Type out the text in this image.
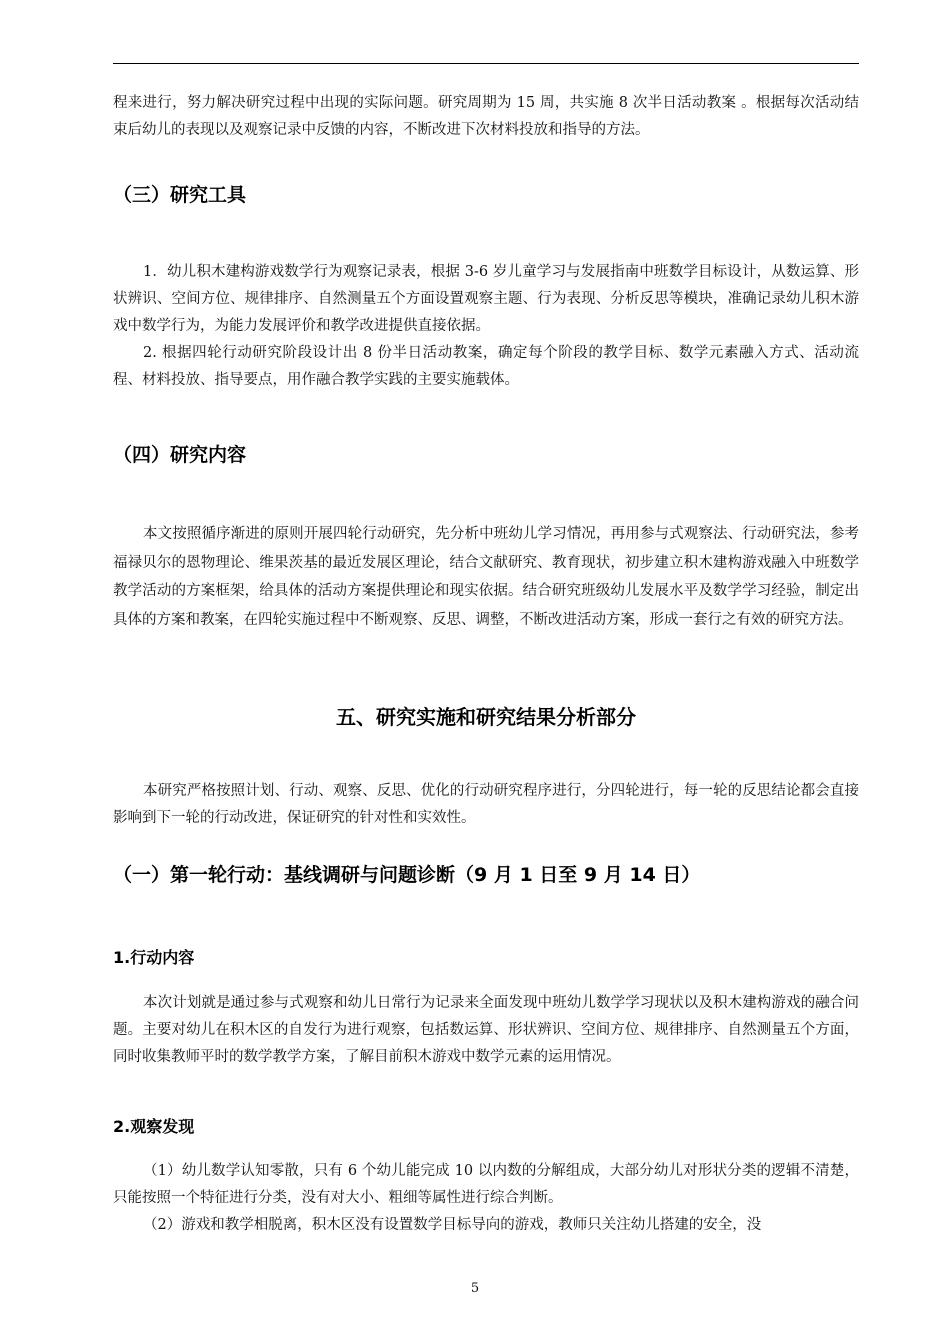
程来进行，努力解决研究过程中出现的实际问题。研究周期为 15 周，共实施 8 次半日活动教案 。根据每次活动结束后幼儿的表现以及观察记录中反馈的内容，不断改进下次材料投放和指导的方法。

（三）研究工具

1．幼儿积木建构游戏数学行为观察记录表，根据 3-6 岁儿童学习与发展指南中班数学目标设计，从数运算、形状辨识、空间方位、规律排序、自然测量五个方面设置观察主题、行为表现、分析反思等模块，准确记录幼儿积木游戏中数学行为，为能力发展评价和教学改进提供直接依据。

2. 根据四轮行动研究阶段设计出 8 份半日活动教案，确定每个阶段的教学目标、数学元素融入方式、活动流程、材料投放、指导要点，用作融合教学实践的主要实施载体。

（四）研究内容

本文按照循序渐进的原则开展四轮行动研究，先分析中班幼儿学习情况，再用参与式观察法、行动研究法，参考福禄贝尔的恩物理论、维果茨基的最近发展区理论，结合文献研究、教育现状，初步建立积木建构游戏融入中班数学教学活动的方案框架，给具体的活动方案提供理论和现实依据。结合研究班级幼儿发展水平及数学学习经验，制定出具体的方案和教案，在四轮实施过程中不断观察、反思、调整，不断改进活动方案，形成一套行之有效的研究方法。

五、研究实施和研究结果分析部分

本研究严格按照计划、行动、观察、反思、优化的行动研究程序进行，分四轮进行，每一轮的反思结论都会直接影响到下一轮的行动改进，保证研究的针对性和实效性。

（一）第一轮行动：基线调研与问题诊断（9 月 1 日至 9 月 14 日）
1.行动内容

本次计划就是通过参与式观察和幼儿日常行为记录来全面发现中班幼儿数学学习现状以及积木建构游戏的融合问题。主要对幼儿在积木区的自发行为进行观察，包括数运算、形状辨识、空间方位、规律排序、自然测量五个方面，同时收集教师平时的数学教学方案，了解目前积木游戏中数学元素的运用情况。

2.观察发现

（1）幼儿数学认知零散，只有 6 个幼儿能完成 10 以内数的分解组成，大部分幼儿对形状分类的逻辑不清楚，只能按照一个特征进行分类，没有对大小、粗细等属性进行综合判断。

（2）游戏和教学相脱离，积木区没有设置数学目标导向的游戏，教师只关注幼儿搭建的安全，没

5
